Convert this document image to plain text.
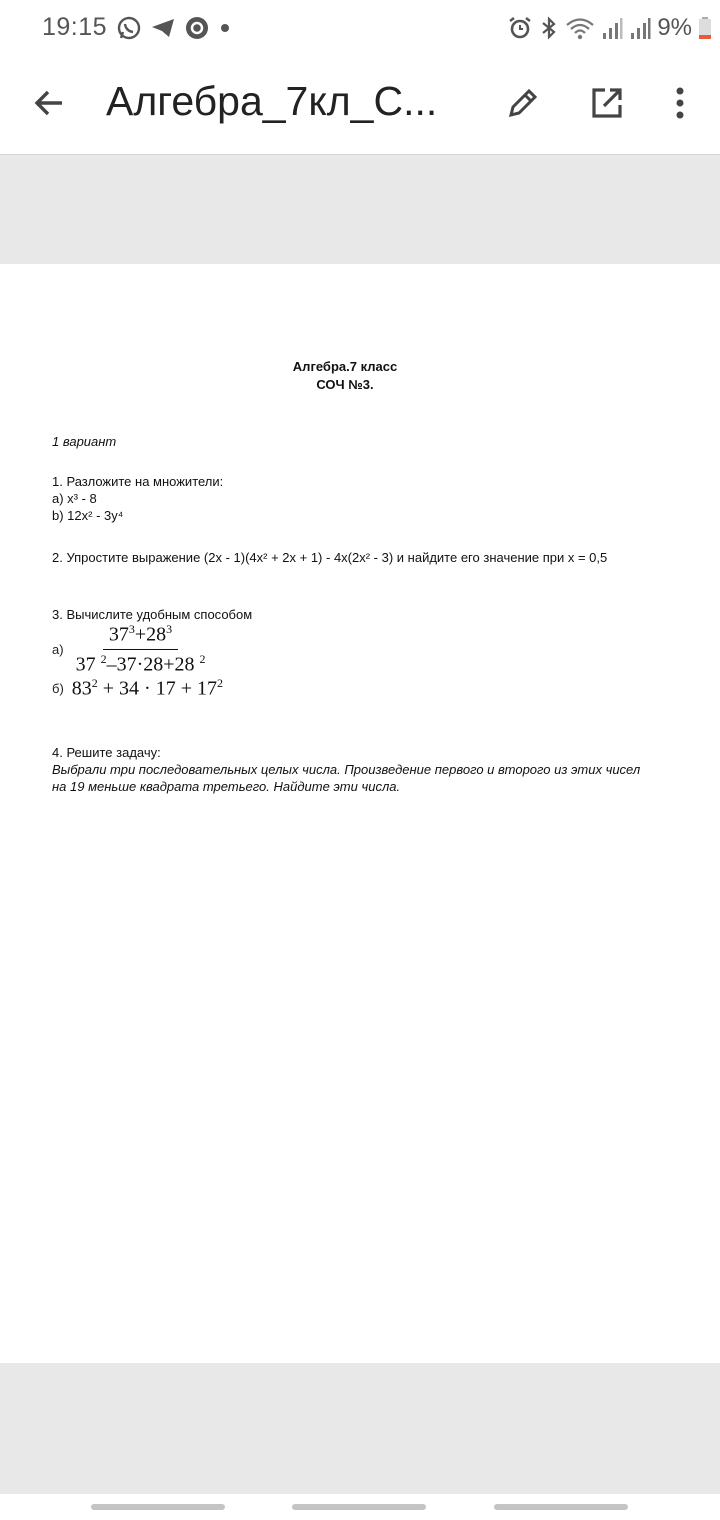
19:15	9%
Алгебра_7кл_С...
Алгебра.7 класс
СОЧ №3.
1 вариант
1. Разложите на множители:
a) x³ - 8
b) 12x² - 3y⁴
2. Упростите выражение (2x - 1)(4x² + 2x + 1) - 4x(2x² - 3) и найдите его значение при x = 0,5
3. Вычислите удобным способом
$а) \frac{37^3+28^3}{37 ^2-37\cdot 28+28 ^2}$
б) $83^2 + 34 \cdot 17 + 17^2$
4. Решите задачу:
Выбрали три последовательных целых числа. Произведение первого и второго из этих чисел на 19 меньше квадрата третьего. Найдите эти числа.
